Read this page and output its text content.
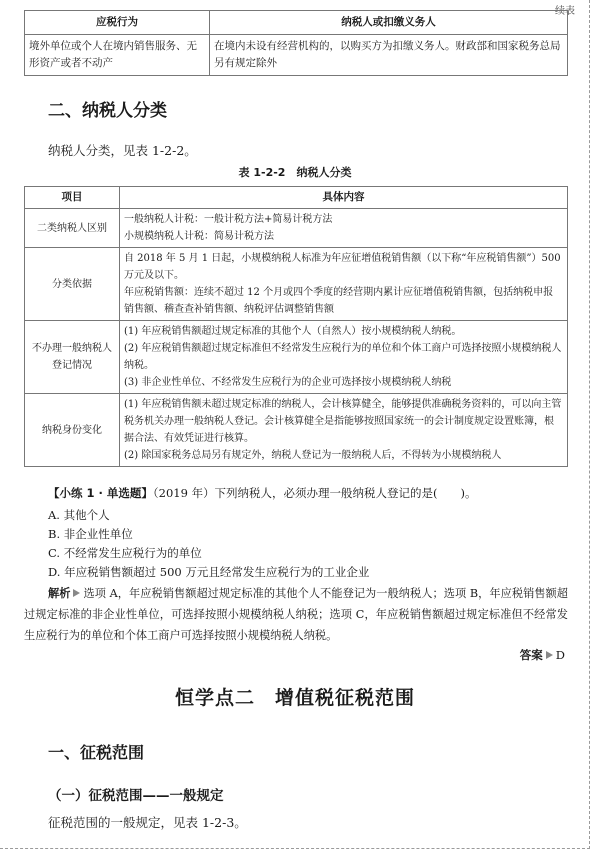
续表
应税行为	纳税人或扣缴义务人
境外单位或个人在境内销售服务、无形资产或者不动产	在境内未设有经营机构的，以购买方为扣缴义务人。财政部和国家税务总局另有规定除外
二、纳税人分类

纳税人分类，见表 1-2-2。

表 1-2-2　纳税人分类
项目	具体内容
二类纳税人区别	一般纳税人计税：一般计税方法+简易计税方法
小规模纳税人计税：简易计税方法

分类依据	自 2018 年 5 月 1 日起，小规模纳税人标准为年应征增值税销售额（以下称“年应税销售额”）500 万元及以下。
年应税销售额：连续不超过 12 个月或四个季度的经营期内累计应征增值税销售额，包括纳税申报销售额、稽查查补销售额、纳税评估调整销售额

不办理一般纳税人登记情况	(1) 年应税销售额超过规定标准的其他个人（自然人）按小规模纳税人纳税。
(2) 年应税销售额超过规定标准但不经常发生应税行为的单位和个体工商户可选择按照小规模纳税人纳税。
(3) 非企业性单位、不经常发生应税行为的企业可选择按小规模纳税人纳税

纳税身份变化	(1) 年应税销售额未超过规定标准的纳税人，会计核算健全，能够提供准确税务资料的，可以向主管税务机关办理一般纳税人登记。会计核算健全是指能够按照国家统一的会计制度规定设置账簿，根据合法、有效凭证进行核算。
(2) 除国家税务总局另有规定外，纳税人登记为一般纳税人后，不得转为小规模纳税人

【小练 1 · 单选题】（2019 年）下列纳税人，必须办理一般纳税人登记的是(　　)。

A. 其他个人

B. 非企业性单位

C. 不经常发生应税行为的单位

D. 年应税销售额超过 500 万元且经常发生应税行为的工业企业

解析 选项 A，年应税销售额超过规定标准的其他个人不能登记为一般纳税人；选项 B，年应税销售额超过规定标准的非企业性单位，可选择按照小规模纳税人纳税；选项 C，年应税销售额超过规定标准但不经常发生应税行为的单位和个体工商户可选择按照小规模纳税人纳税。

答案 D
恒学点二　增值税征税范围
一、征税范围

（一）征税范围——一般规定

征税范围的一般规定，见表 1-2-3。
